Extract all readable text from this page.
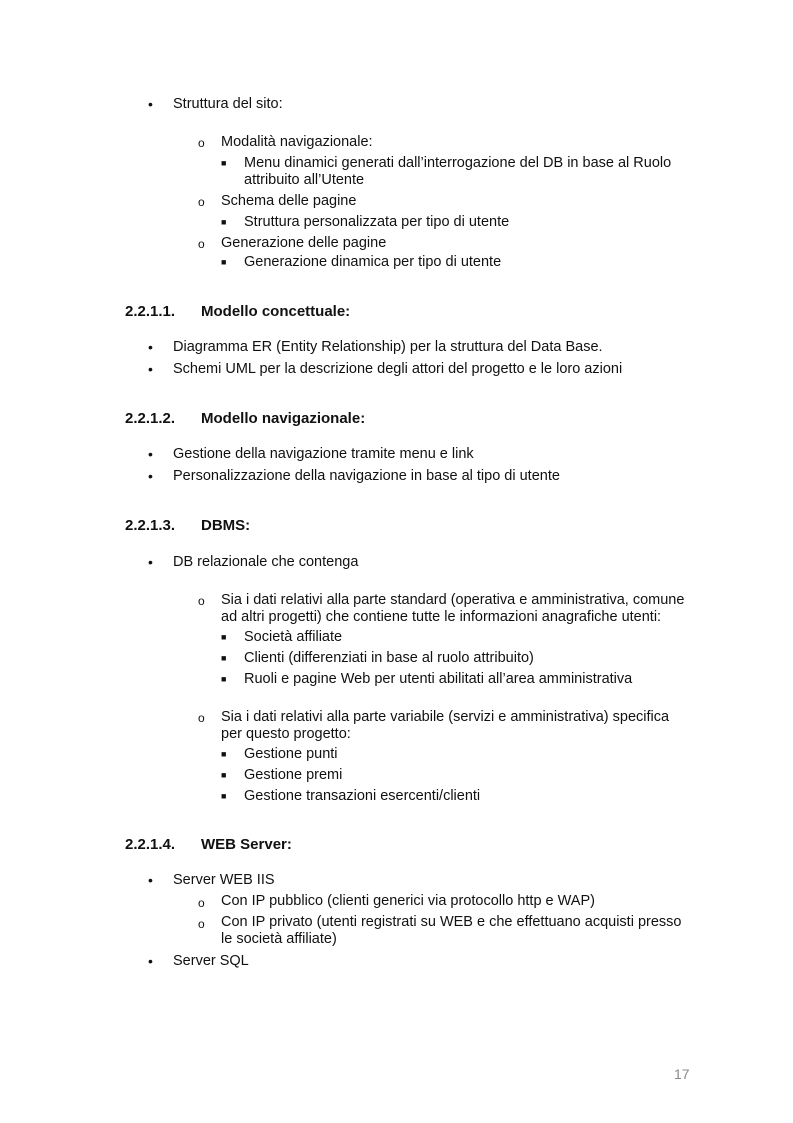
• Struttura del sito:
o Modalità navigazionale:
■ Menu dinamici generati dall’interrogazione del DB in base al Ruolo
attribuito all’Utente
o Schema delle pagine
■ Struttura personalizzata per tipo di utente
o Generazione delle pagine
■ Generazione dinamica per tipo di utente
2.2.1.1. Modello concettuale:
• Diagramma ER (Entity Relationship) per la struttura del Data Base.
• Schemi UML per la descrizione degli attori del progetto e le loro azioni
2.2.1.2. Modello navigazionale:
• Gestione della navigazione tramite menu e link
• Personalizzazione della navigazione in base al tipo di utente
2.2.1.3. DBMS:
• DB relazionale che contenga
o Sia i dati relativi alla parte standard (operativa e amministrativa, comune
ad altri progetti) che contiene tutte le informazioni anagrafiche utenti:
■ Società affiliate
■ Clienti (differenziati in base al ruolo attribuito)
■ Ruoli e pagine Web per utenti abilitati all’area amministrativa
o Sia i dati relativi alla parte variabile (servizi e amministrativa) specifica
per questo progetto:
■ Gestione punti
■ Gestione premi
■ Gestione transazioni esercenti/clienti
2.2.1.4. WEB Server:
• Server WEB IIS
o Con IP pubblico (clienti generici via protocollo http e WAP)
o Con IP privato (utenti registrati su WEB e che effettuano acquisti presso
le società affiliate)
• Server SQL
17
